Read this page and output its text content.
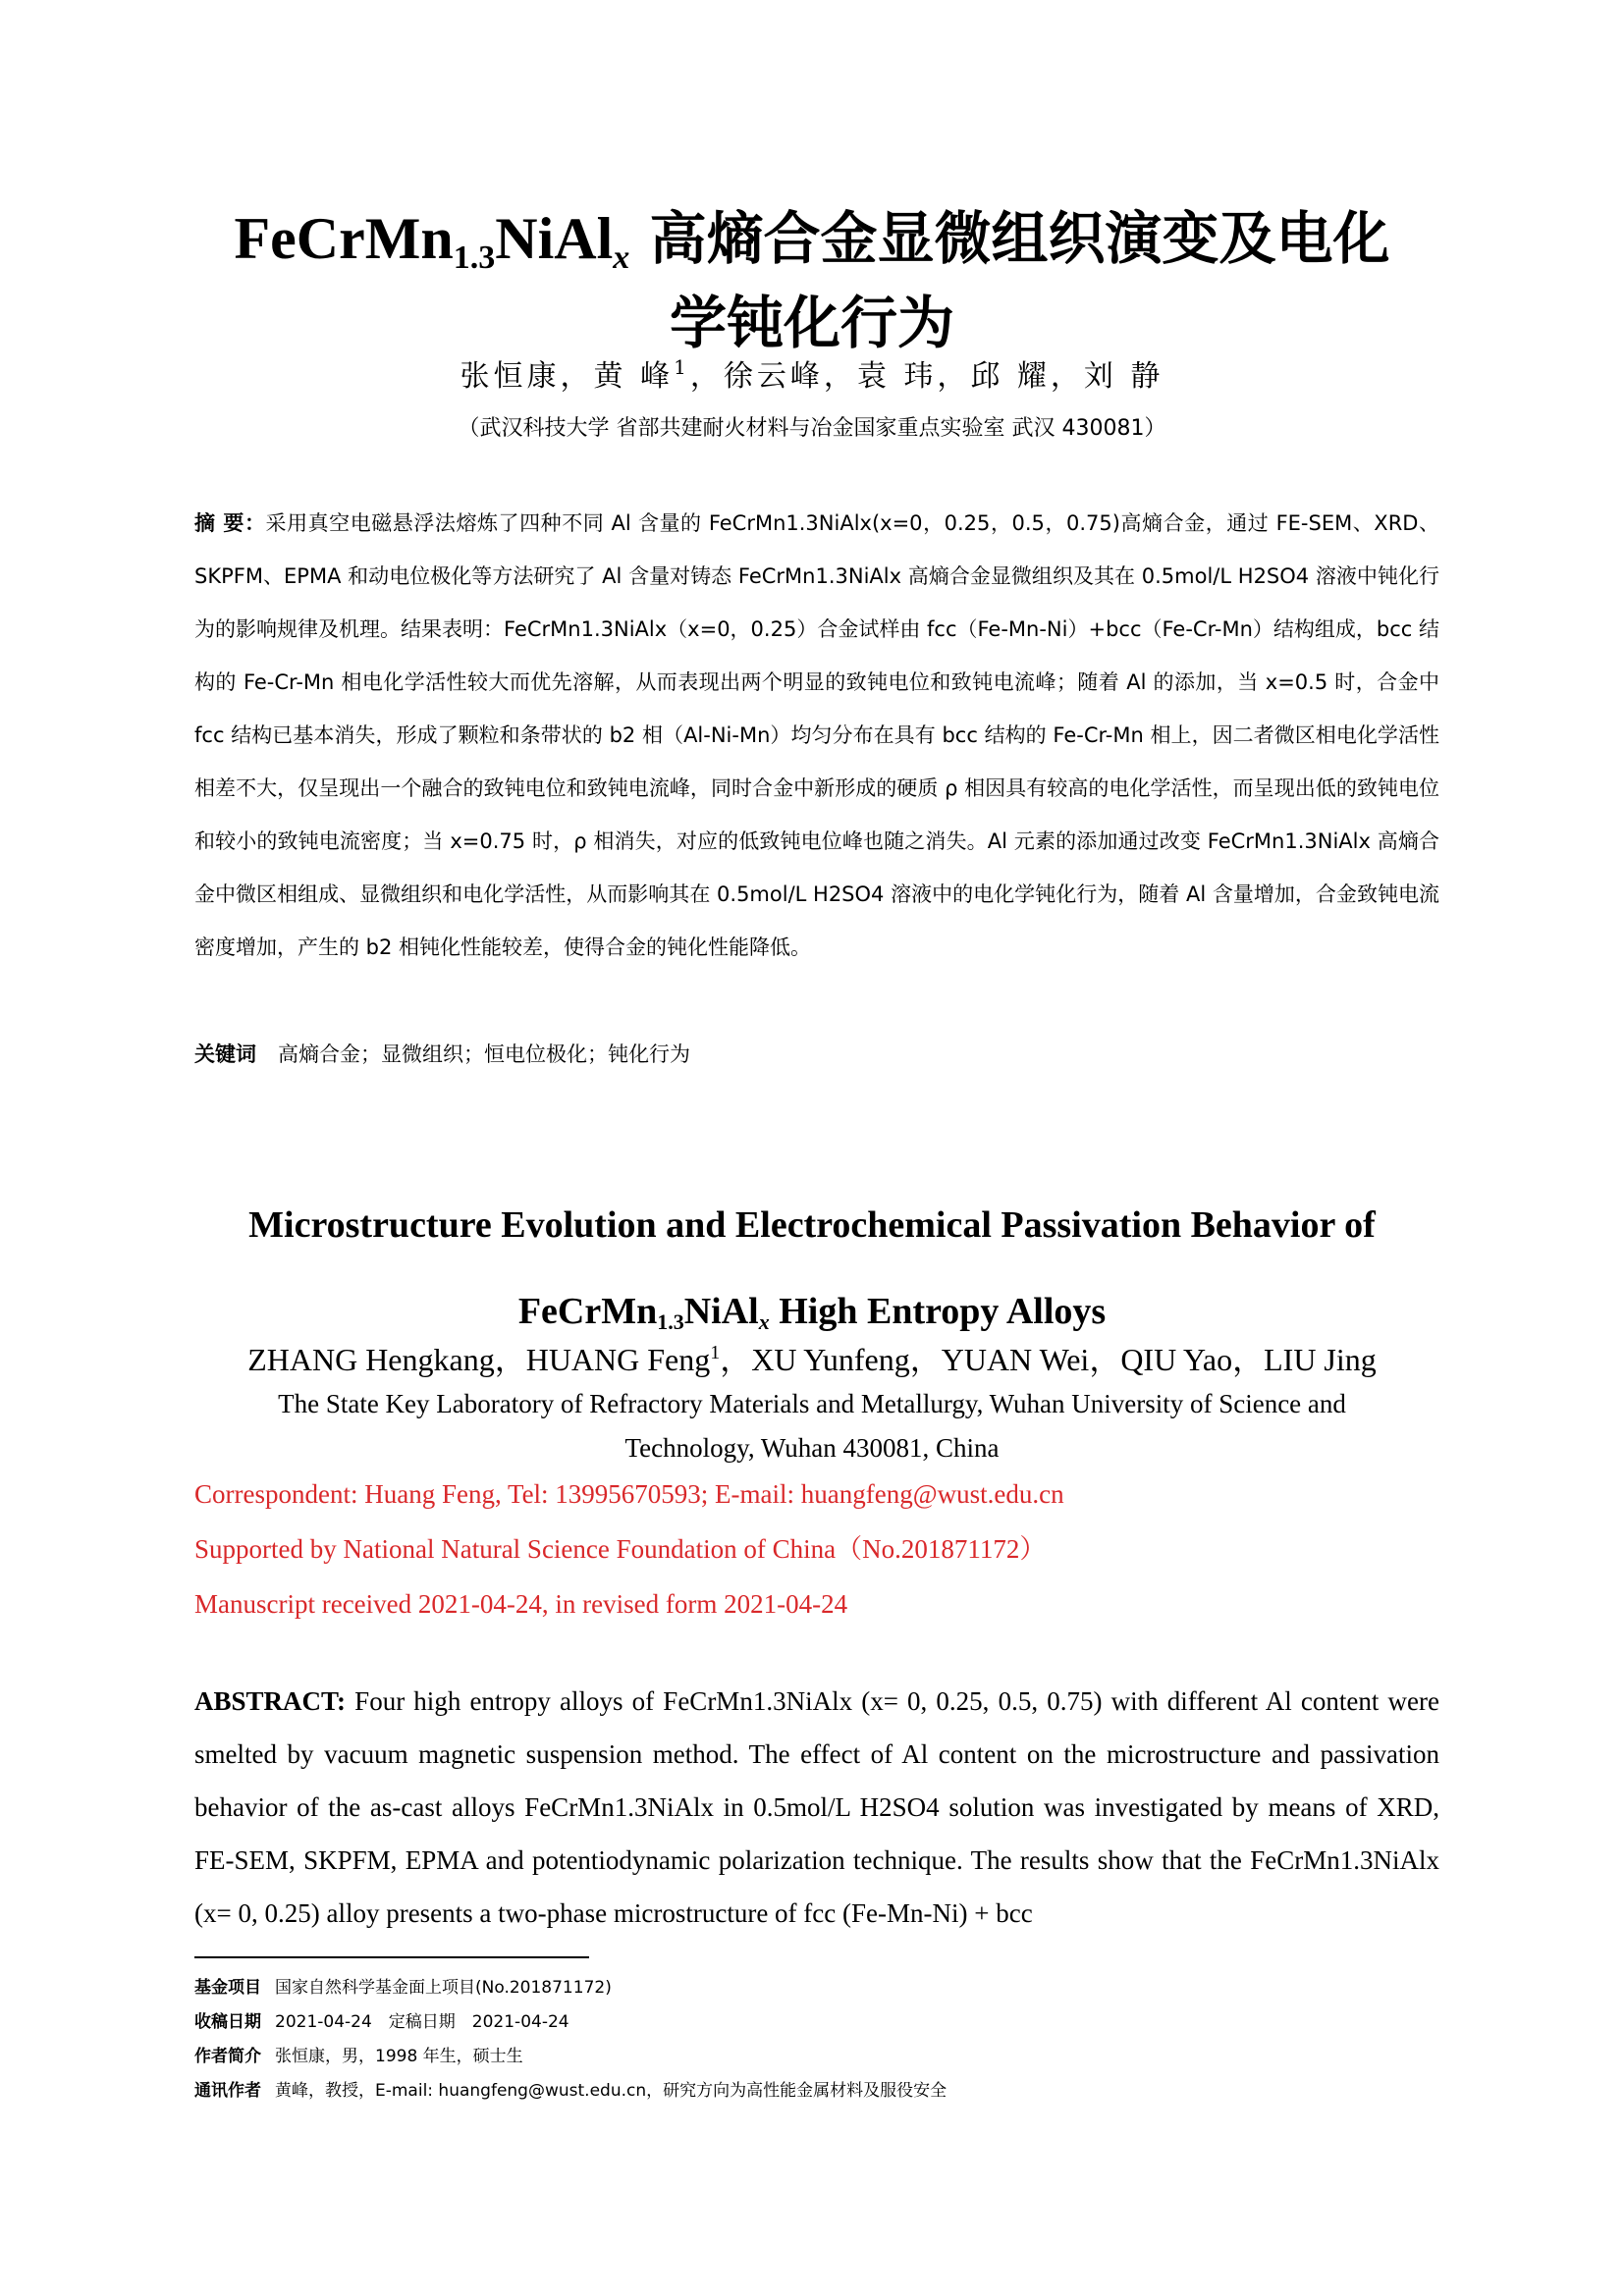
FeCrMn$_{1.3}$NiAl$_x$ 高熵合金显微组织演变及电化
学钝化行为
张恒康，黄 峰$^1$，徐云峰，袁 玮，邱 耀，刘 静
（武汉科技大学 省部共建耐火材料与冶金国家重点实验室 武汉 430081）
摘 要：采用真空电磁悬浮法熔炼了四种不同 Al 含量的 FeCrMn1.3NiAlx(x=0，0.25，0.5，0.75)高熵合金，通过 FE-SEM、XRD、SKPFM、EPMA 和动电位极化等方法研究了 Al 含量对铸态 FeCrMn1.3NiAlx 高熵合金显微组织及其在 0.5mol/L H2SO4 溶液中钝化行为的影响规律及机理。结果表明：FeCrMn1.3NiAlx（x=0，0.25）合金试样由 fcc（Fe-Mn-Ni）+bcc（Fe-Cr-Mn）结构组成，bcc 结构的 Fe-Cr-Mn 相电化学活性较大而优先溶解，从而表现出两个明显的致钝电位和致钝电流峰；随着 Al 的添加，当 x=0.5 时，合金中 fcc 结构已基本消失，形成了颗粒和条带状的 b2 相（Al-Ni-Mn）均匀分布在具有 bcc 结构的 Fe-Cr-Mn 相上，因二者微区相电化学活性相差不大，仅呈现出一个融合的致钝电位和致钝电流峰，同时合金中新形成的硬质 ρ 相因具有较高的电化学活性，而呈现出低的致钝电位和较小的致钝电流密度；当 x=0.75 时，ρ 相消失，对应的低致钝电位峰也随之消失。Al 元素的添加通过改变 FeCrMn1.3NiAlx 高熵合金中微区相组成、显微组织和电化学活性，从而影响其在 0.5mol/L H2SO4 溶液中的电化学钝化行为，随着 Al 含量增加，合金致钝电流密度增加，产生的 b2 相钝化性能较差，使得合金的钝化性能降低。
关键词 高熵合金；显微组织；恒电位极化；钝化行为
Microstructure Evolution and Electrochemical Passivation Behavior of
FeCrMn$_{1.3}$NiAl$_x$ High Entropy Alloys
ZHANG Hengkang，HUANG Feng$^1$，XU Yunfeng，YUAN Wei，QIU Yao，LIU Jing
The State Key Laboratory of Refractory Materials and Metallurgy, Wuhan University of Science and Technology, Wuhan 430081, China
Correspondent: Huang Feng, Tel: 13995670593; E-mail: huangfeng@wust.edu.cn
Supported by National Natural Science Foundation of China（No.201871172）
Manuscript received 2021-04-24, in revised form 2021-04-24
ABSTRACT: Four high entropy alloys of FeCrMn1.3NiAlx (x= 0, 0.25, 0.5, 0.75) with different Al content were smelted by vacuum magnetic suspension method. The effect of Al content on the microstructure and passivation behavior of the as-cast alloys FeCrMn1.3NiAlx in 0.5mol/L H2SO4 solution was investigated by means of XRD, FE-SEM, SKPFM, EPMA and potentiodynamic polarization technique. The results show that the FeCrMn1.3NiAlx (x= 0, 0.25) alloy presents a two-phase microstructure of fcc (Fe-Mn-Ni) + bcc
基金项目 国家自然科学基金面上项目(No.201871172)
收稿日期 2021-04-24　定稿日期　2021-04-24
作者简介 张恒康，男，1998 年生，硕士生
通讯作者 黄峰，教授，E-mail: huangfeng@wust.edu.cn，研究方向为高性能金属材料及服役安全
